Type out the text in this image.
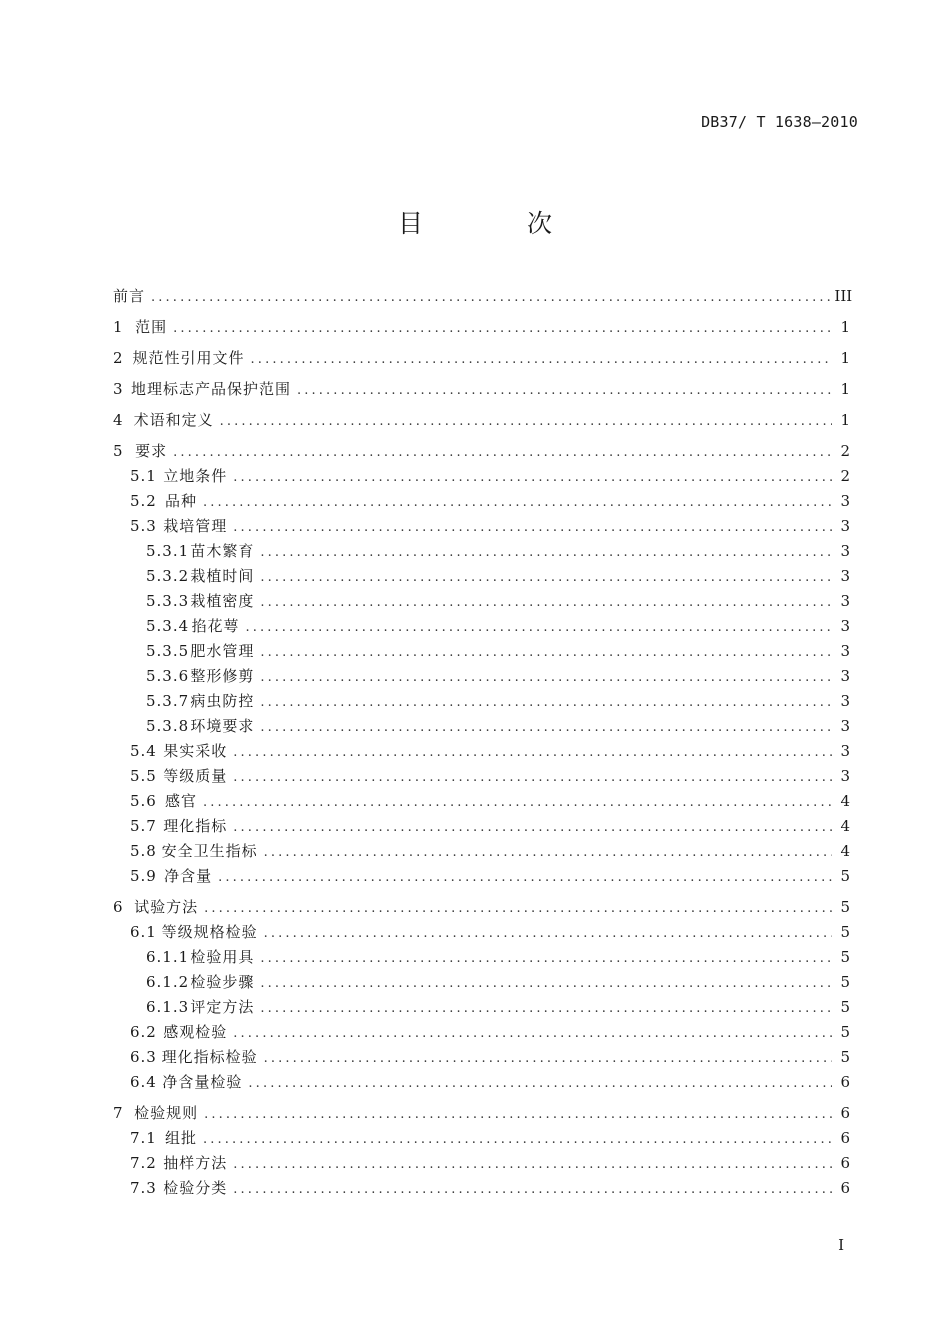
DB37/ T 1638—2010
目 次
前言 . . .	III
1 范围 . . .	1
2 规范性引用文件 . . .	1
3 地理标志产品保护范围 . . .	1
4 术语和定义 . . .	1
5 要求 . . .	2
5.1 立地条件 . . .	2
5.2 品种 . . .	3
5.3 栽培管理 . . .	3
5.3.1 苗木繁育 . . .	3
5.3.2 栽植时间 . . .	3
5.3.3 栽植密度 . . .	3
5.3.4 掐花萼 . . .	3
5.3.5 肥水管理 . . .	3
5.3.6 整形修剪 . . .	3
5.3.7 病虫防控 . . .	3
5.3.8 环境要求 . . .	3
5.4 果实采收 . . .	3
5.5 等级质量 . . .	3
5.6 感官 . . .	4
5.7 理化指标 . . .	4
5.8 安全卫生指标 . . .	4
5.9 净含量 . . .	5
6 试验方法 . . .	5
6.1 等级规格检验 . . .	5
6.1.1 检验用具 . . .	5
6.1.2 检验步骤 . . .	5
6.1.3 评定方法 . . .	5
6.2 感观检验 . . .	5
6.3 理化指标检验 . . .	5
6.4 净含量检验 . . .	6
7 检验规则 . . .	6
7.1 组批 . . .	6
7.2 抽样方法 . . .	6
7.3 检验分类 . . .	6
I
